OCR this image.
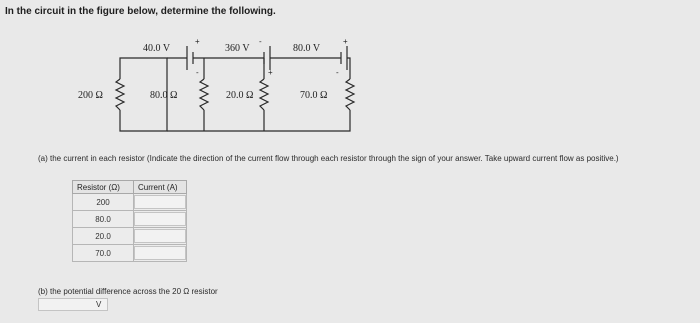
In the circuit in the figure below, determine the following.
+
-
40.0 V
-
+
360 V
-
+
80.0 V
200 Ω	80.0 Ω	20.0 Ω	70.0 Ω
(a) the current in each resistor (Indicate the direction of the current flow through each resistor through the sign of your answer. Take upward current flow as positive.)
Resistor (Ω)	Current (A)
200	
80.0	
20.0	
70.0	
(b) the potential difference across the 20 Ω resistor
V
